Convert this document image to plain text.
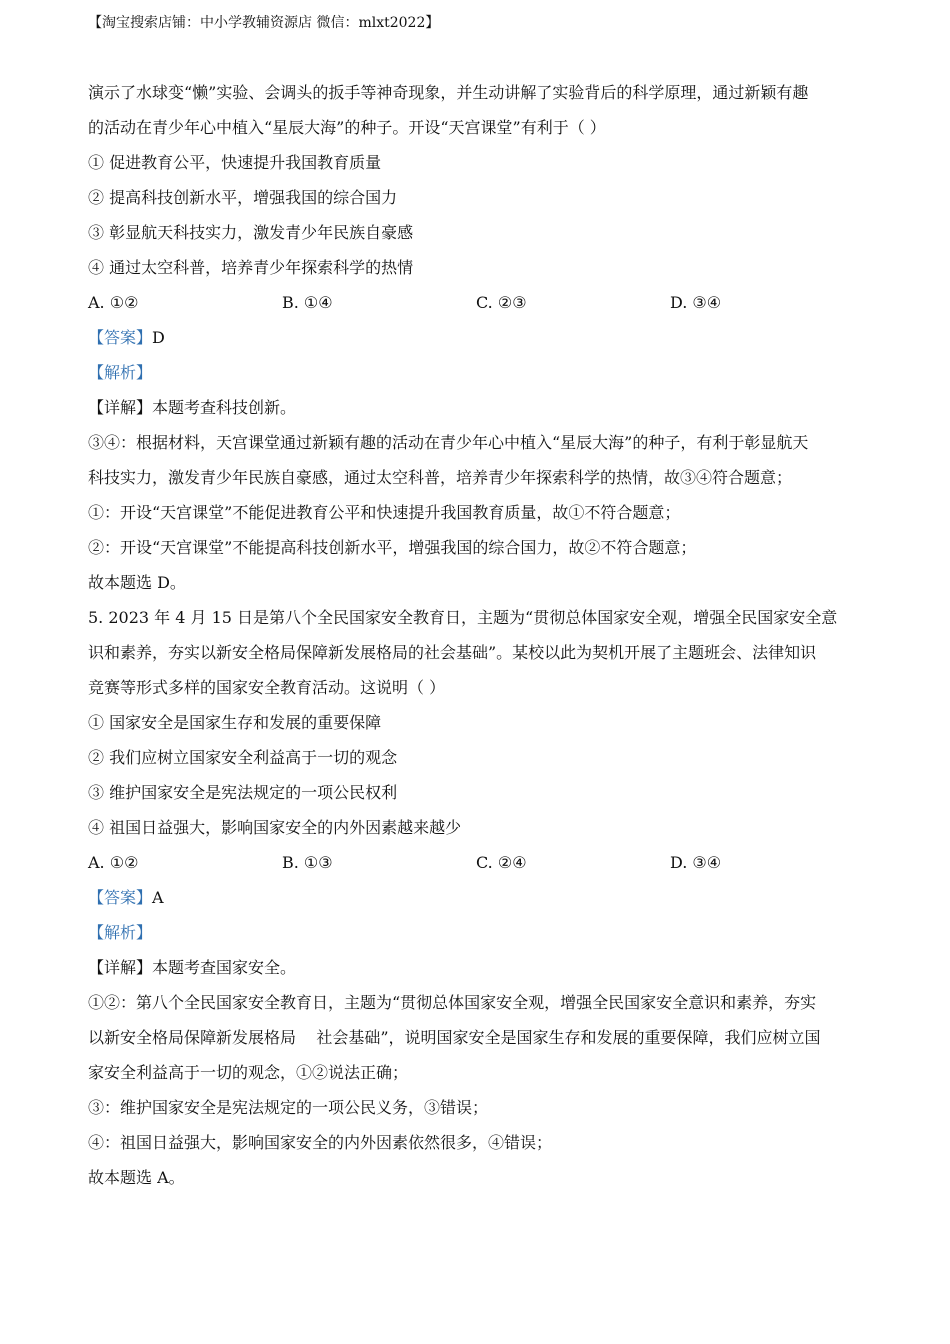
【淘宝搜索店铺：中小学教辅资源店 微信：mlxt2022】
演示了水球变“懒”实验、会调头的扳手等神奇现象，并生动讲解了实验背后的科学原理，通过新颖有趣
的活动在青少年心中植入“星辰大海”的种子。开设“天宫课堂”有利于（ ）
① 促进教育公平，快速提升我国教育质量
② 提高科技创新水平，增强我国的综合国力
③ 彰显航天科技实力，激发青少年民族自豪感
④ 通过太空科普，培养青少年探索科学的热情
A. ①②	B. ①④	C. ②③	D. ③④
【答案】D
【解析】
【详解】本题考查科技创新。
③④：根据材料，天宫课堂通过新颖有趣的活动在青少年心中植入“星辰大海”的种子，有利于彰显航天
科技实力，激发青少年民族自豪感，通过太空科普，培养青少年探索科学的热情，故③④符合题意；
①：开设“天宫课堂”不能促进教育公平和快速提升我国教育质量，故①不符合题意；
②：开设“天宫课堂”不能提高科技创新水平，增强我国的综合国力，故②不符合题意；
故本题选 D。
5. 2023 年 4 月 15 日是第八个全民国家安全教育日，主题为“贯彻总体国家安全观，增强全民国家安全意
识和素养，夯实以新安全格局保障新发展格局的社会基础”。某校以此为契机开展了主题班会、法律知识
竞赛等形式多样的国家安全教育活动。这说明（ ）
① 国家安全是国家生存和发展的重要保障
② 我们应树立国家安全利益高于一切的观念
③ 维护国家安全是宪法规定的一项公民权利
④ 祖国日益强大，影响国家安全的内外因素越来越少
A. ①②	B. ①③	C. ②④	D. ③④
【答案】A
【解析】
【详解】本题考查国家安全。
①②：第八个全民国家安全教育日，主题为“贯彻总体国家安全观，增强全民国家安全意识和素养，夯实
以新安全格局保障新发展格局    社会基础”，说明国家安全是国家生存和发展的重要保障，我们应树立国
家安全利益高于一切的观念，①②说法正确；
③：维护国家安全是宪法规定的一项公民义务，③错误；
④：祖国日益强大，影响国家安全的内外因素依然很多，④错误；
故本题选 A。
